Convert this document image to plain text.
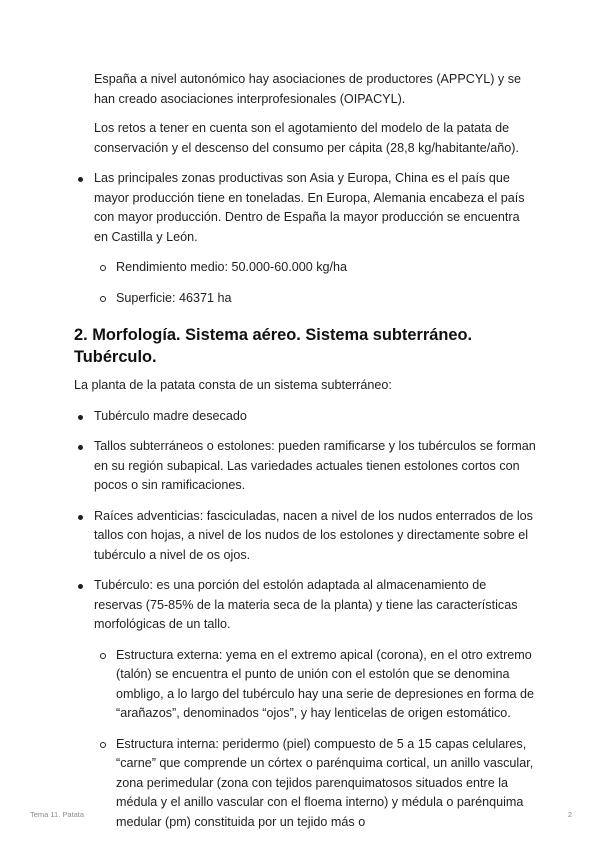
España a nivel autonómico hay asociaciones de productores (APPCYL) y se han creado asociaciones interprofesionales (OIPACYL).

Los retos a tener en cuenta son el agotamiento del modelo de la patata de conservación y el descenso del consumo per cápita (28,8 kg/habitante/año).

Las principales zonas productivas son Asia y Europa, China es el país que mayor producción tiene en toneladas. En Europa, Alemania encabeza el país con mayor producción. Dentro de España la mayor producción se encuentra en Castilla y León.
Rendimiento medio: 50.000-60.000 kg/ha
Superficie: 46371 ha
2. Morfología. Sistema aéreo. Sistema subterráneo. Tubérculo.

La planta de la patata consta de un sistema subterráneo:

Tubérculo madre desecado
Tallos subterráneos o estolones: pueden ramificarse y los tubérculos se forman en su región subapical. Las variedades actuales tienen estolones cortos con pocos o sin ramificaciones.
Raíces adventicias: fasciculadas, nacen a nivel de los nudos enterrados de los tallos con hojas, a nivel de los nudos de los estolones y directamente sobre el tubérculo a nivel de os ojos.
Tubérculo: es una porción del estolón adaptada al almacenamiento de reservas (75-85% de la materia seca de la planta) y tiene las características morfológicas de un tallo.
Estructura externa: yema en el extremo apical (corona), en el otro extremo (talón) se encuentra el punto de unión con el estolón que se denomina ombligo, a lo largo del tubérculo hay una serie de depresiones en forma de “arañazos”, denominados “ojos”, y hay lenticelas de origen estomático.
Estructura interna: peridermo (piel) compuesto de 5 a 15 capas celulares, “carne” que comprende un córtex o parénquima cortical, un anillo vascular, zona perimedular (zona con tejidos parenquimatosos situados entre la médula y el anillo vascular con el floema interno) y médula o parénquima medular (pm) constituida por un tejido más o
Tema 11. Patata	2
